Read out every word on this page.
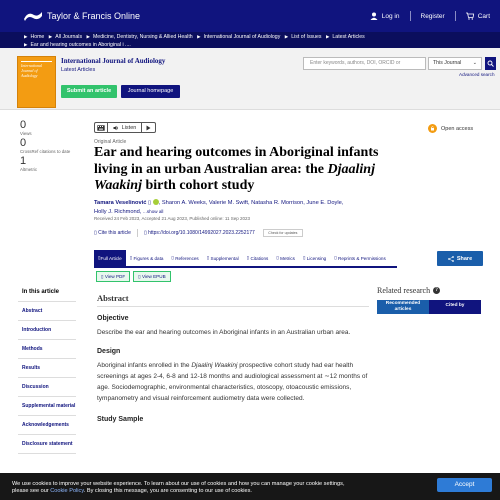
Taylor & Francis Online	Log in	Register	Cart
▶ Home ▶ All Journals ▶ Medicine, Dentistry, Nursing & Allied Health ▶ International Journal of Audiology ▶ List of Issues ▶ Latest Articles
▶ Ear and hearing outcomes in Aboriginal i ....
International Journal of Audiology
International Journal of Audiology
Latest Articles
Submit an article	Journal homepage
Enter keywords, authors, DOI, ORCID or	This Journal ⌄
Advanced search
0
Views
0
CrossRef citations to date
1
Altmetric
Listen	Open access
Original Article
Ear and hearing outcomes in Aboriginal infants living in an urban Australian area: the Djaalinj Waakinj birth cohort study
Tamara Veselinović ▯ , Sharon A. Weeks, Valerie M. Swift, Natasha R. Morrison, June E. Doyle,
Holly J. Richmond, ...show all
Received 24 Feb 2023, Accepted 21 Aug 2023, Published online: 11 Sep 2023
▯ Cite this article	▯ https://doi.org/10.1080/14992027.2023.2252177	Check for updates
▯ Full Article ▯ Figures & data ▯ References ▯ Supplemental ▯ Citations ▯ Metrics ▯ Licensing ▯ Reprints & Permissions	Share
▯ View PDF	▯ View EPUB
In this article
Abstract
Introduction
Methods
Results
Discussion
Supplemental material
Acknowledgements
Disclosure statement
Abstract
Objective
Describe the ear and hearing outcomes in Aboriginal infants in an Australian urban area.
Design
Aboriginal infants enrolled in the Djaalinj Waakinj prospective cohort study had ear health screenings at ages 2-4, 6-8 and 12-18 months and audiological assessment at ∼12 months of age. Sociodemographic, environmental characteristics, otoscopy, otoacoustic emissions, tympanometry and visual reinforcement audiometry data were collected.
Study Sample
Related research	?
Recommended articles
Cited by
We use cookies to improve your website experience. To learn about our use of cookies and how you can manage your cookie settings,
please see our Cookie Policy. By closing this message, you are consenting to our use of cookies.
Accept
